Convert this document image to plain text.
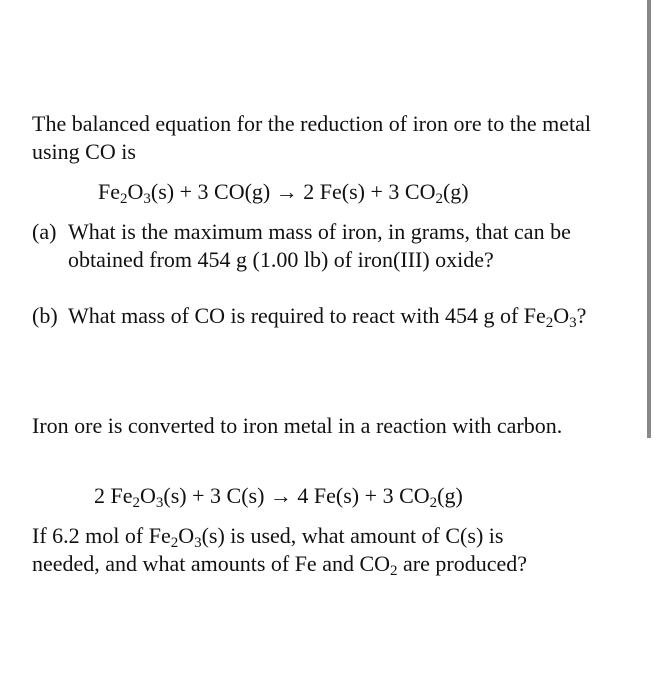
The balanced equation for the reduction of iron ore to the metal using CO is

$Fe_2O_3(s) + 3$ CO(g) → 2 Fe(s) + 3 $CO_2(g)$

(a) What is the maximum mass of iron, in grams, that can be obtained from 454 g (1.00 lb) of iron(III) oxide?
(b) What mass of CO is required to react with 454 g of $Fe_2O_3$?

Iron ore is converted to iron metal in a reaction with carbon.

2 $Fe_2O_3(s) + 3$ C(s) → 4 Fe(s) + 3 $CO_2(g)$

If 6.2 mol of $Fe_2O_3(s)$ is used, what amount of C(s) is needed, and what amounts of Fe and $CO_2$ are produced?
